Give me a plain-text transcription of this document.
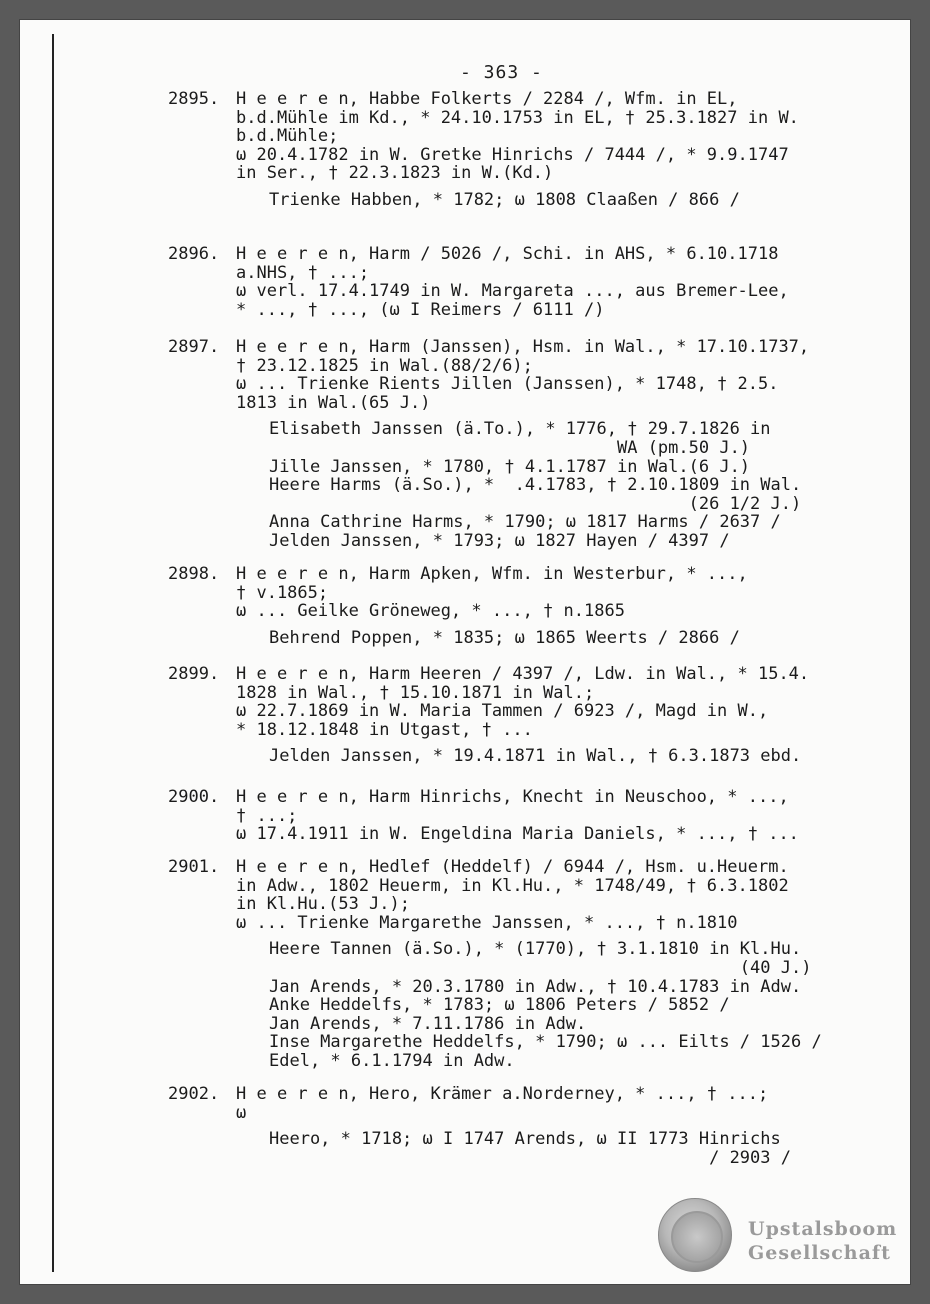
- 363 -
2895. H e e r e n, Habbe Folkerts / 2284 /, Wfm. in EL,
b.d.Mühle im Kd., * 24.10.1753 in EL, † 25.3.1827 in W.
b.d.Mühle;
ω 20.4.1782 in W. Gretke Hinrichs / 7444 /, * 9.9.1747
in Ser., † 22.3.1823 in W.(Kd.)
Trienke Habben, * 1782; ω 1808 Claaßen / 866 /
2896. H e e r e n, Harm / 5026 /, Schi. in AHS, * 6.10.1718
a.NHS, † ...;
ω verl. 17.4.1749 in W. Margareta ..., aus Bremer-Lee,
* ..., † ..., (ω I Reimers / 6111 /)
2897. H e e r e n, Harm (Janssen), Hsm. in Wal., * 17.10.1737,
† 23.12.1825 in Wal.(88/2/6);
ω ... Trienke Rients Jillen (Janssen), * 1748, † 2.5.
1813 in Wal.(65 J.)
Elisabeth Janssen (ä.To.), * 1776, † 29.7.1826 in
WA (pm.50 J.)
Jille Janssen, * 1780, † 4.1.1787 in Wal.(6 J.)
Heere Harms (ä.So.), *  .4.1783, † 2.10.1809 in Wal.
(26 1/2 J.)
Anna Cathrine Harms, * 1790; ω 1817 Harms / 2637 /
Jelden Janssen, * 1793; ω 1827 Hayen / 4397 /
2898. H e e r e n, Harm Apken, Wfm. in Westerbur, * ...,
† v.1865;
ω ... Geilke Gröneweg, * ..., † n.1865
Behrend Poppen, * 1835; ω 1865 Weerts / 2866 /
2899. H e e r e n, Harm Heeren / 4397 /, Ldw. in Wal., * 15.4.
1828 in Wal., † 15.10.1871 in Wal.;
ω 22.7.1869 in W. Maria Tammen / 6923 /, Magd in W.,
* 18.12.1848 in Utgast, † ...
Jelden Janssen, * 19.4.1871 in Wal., † 6.3.1873 ebd.
2900. H e e r e n, Harm Hinrichs, Knecht in Neuschoo, * ...,
† ...;
ω 17.4.1911 in W. Engeldina Maria Daniels, * ..., † ...
2901. H e e r e n, Hedlef (Heddelf) / 6944 /, Hsm. u.Heuerm.
in Adw., 1802 Heuerm, in Kl.Hu., * 1748/49, † 6.3.1802
in Kl.Hu.(53 J.);
ω ... Trienke Margarethe Janssen, * ..., † n.1810
Heere Tannen (ä.So.), * (1770), † 3.1.1810 in Kl.Hu.
(40 J.)
Jan Arends, * 20.3.1780 in Adw., † 10.4.1783 in Adw.
Anke Heddelfs, * 1783; ω 1806 Peters / 5852 /
Jan Arends, * 7.11.1786 in Adw.
Inse Margarethe Heddelfs, * 1790; ω ... Eilts / 1526 /
Edel, * 6.1.1794 in Adw.
2902. H e e r e n, Hero, Krämer a.Norderney, * ..., † ...;
ω
Heero, * 1718; ω I 1747 Arends, ω II 1773 Hinrichs
/ 2903 /
Upstalsboom
Gesellschaft
